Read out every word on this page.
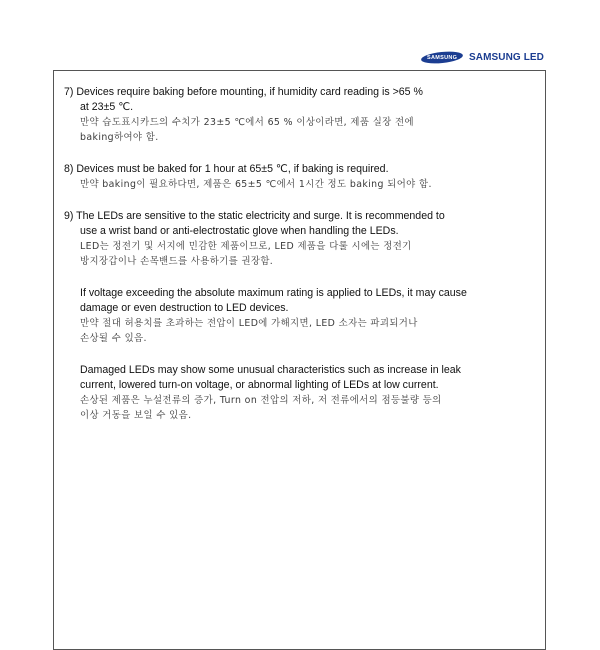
SAMSUNG SAMSUNG LED
7) Devices require baking before mounting, if humidity card reading is >65 %
at 23±5 ℃.
만약 습도표시카드의 수치가 23±5 ℃에서 65 % 이상이라면, 제품 실장 전에
baking하여야 함.
8) Devices must be baked for 1 hour at 65±5 ℃, if baking is required.
만약 baking이 필요하다면, 제품은 65±5 ℃에서 1시간 정도 baking 되어야 함.
9) The LEDs are sensitive to the static electricity and surge. It is recommended to
use a wrist band or anti-electrostatic glove when handling the LEDs.
LED는 정전기 및 서지에 민감한 제품이므로, LED 제품을 다룰 시에는 정전기
방지장갑이나 손목밴드를 사용하기를 권장함.
If voltage exceeding the absolute maximum rating is applied to LEDs, it may cause
damage or even destruction to LED devices.
만약 절대 허용치를 초과하는 전압이 LED에 가해지면, LED 소자는 파괴되거나
손상될 수 있음.
Damaged LEDs may show some unusual characteristics such as increase in leak
current, lowered turn-on voltage, or abnormal lighting of LEDs at low current.
손상된 제품은 누설전류의 증가, Turn on 전압의 저하, 저 전류에서의 점등불량 등의
이상 거동을 보일 수 있음.
